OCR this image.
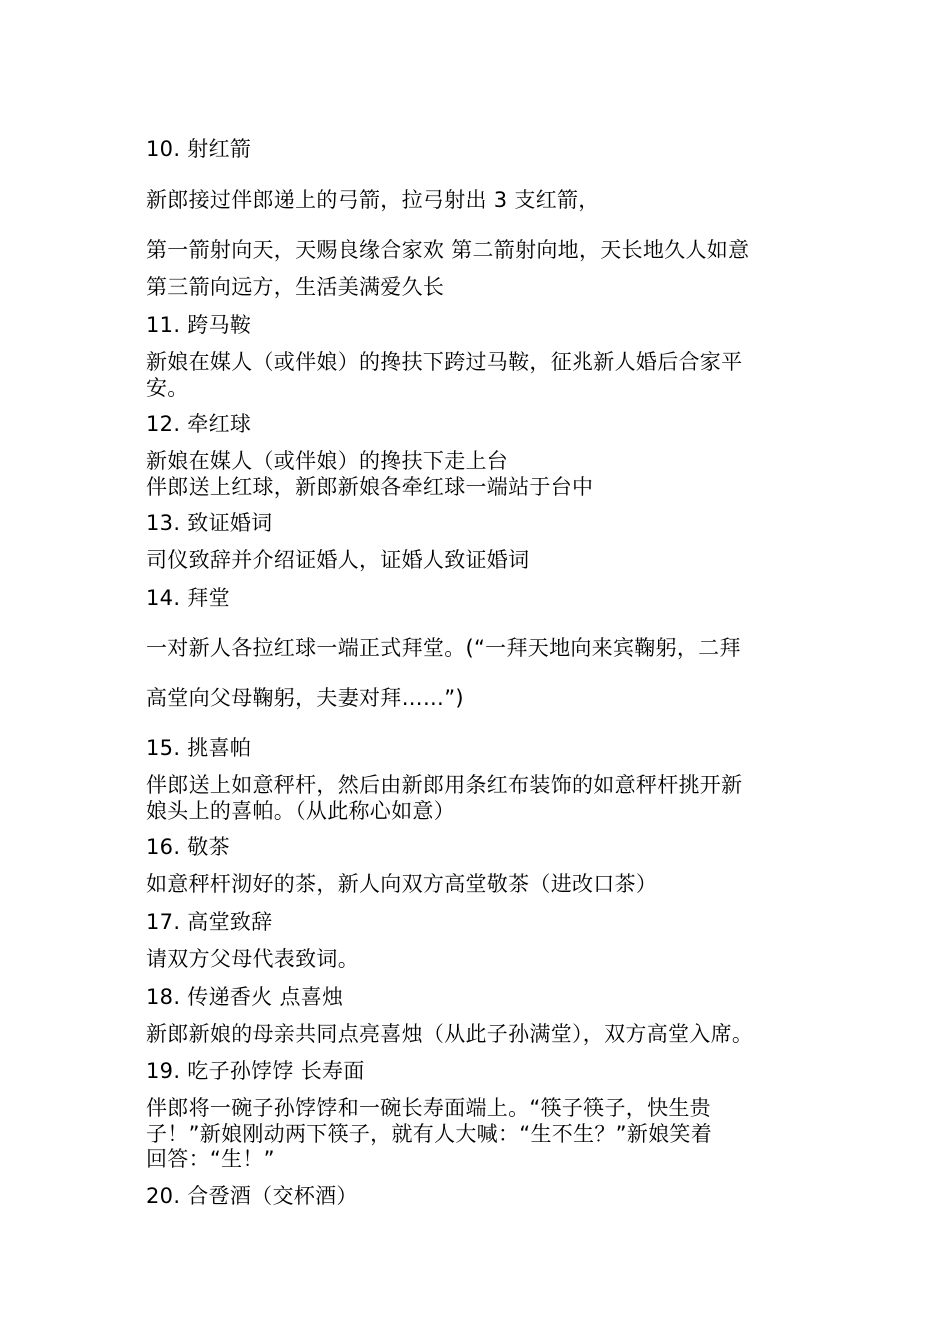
10. 射红箭
新郎接过伴郎递上的弓箭，拉弓射出 3 支红箭，
第一箭射向天，天赐良缘合家欢 第二箭射向地，天长地久人如意
第三箭向远方，生活美满爱久长
11. 跨马鞍
新娘在媒人（或伴娘）的搀扶下跨过马鞍，征兆新人婚后合家平
安。
12. 牵红球
新娘在媒人（或伴娘）的搀扶下走上台
伴郎送上红球，新郎新娘各牵红球一端站于台中
13. 致证婚词
司仪致辞并介绍证婚人，证婚人致证婚词
14. 拜堂
一对新人各拉红球一端正式拜堂。(“一拜天地向来宾鞠躬，二拜
高堂向父母鞠躬，夫妻对拜……”)
15. 挑喜帕
伴郎送上如意秤杆，然后由新郎用条红布装饰的如意秤杆挑开新
娘头上的喜帕。（从此称心如意）
16. 敬茶
如意秤杆沏好的茶，新人向双方高堂敬茶（进改口茶）
17. 高堂致辞
请双方父母代表致词。
18. 传递香火 点喜烛
新郎新娘的母亲共同点亮喜烛（从此子孙满堂），双方高堂入席。
19. 吃子孙饽饽 长寿面
伴郎将一碗子孙饽饽和一碗长寿面端上。“筷子筷子，快生贵
子！”新娘刚动两下筷子，就有人大喊：“生不生？”新娘笑着
回答：“生！”
20. 合卺酒（交杯酒）
